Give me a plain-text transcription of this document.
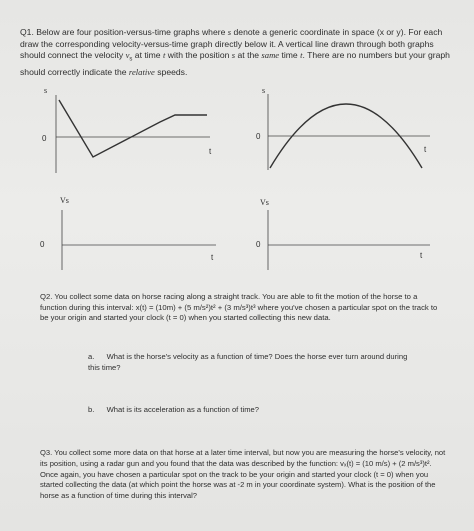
Q1. Below are four position-versus-time graphs where s denote a generic coordinate in space (x or y). For each draw the corresponding velocity-versus-time graph directly below it. A vertical line drawn through both graphs should connect the velocity $v_s$ at time t with the position s at the same time t. There are no numbers but your graph should correctly indicate the relative speeds.
s
0
t
s
0
t
Vs
0
t
Vs
0
t
Q2. You collect some data on horse racing along a straight track. You are able to fit the motion of the horse to a function during this interval: x(t) = (10m) + (5 m/s²)t² + (3 m/s³)t³ where you've chosen a particular spot on the track to be your origin and started your clock (t = 0) when you started collecting this new data.
a. What is the horse's velocity as a function of time? Does the horse ever turn around during this time?
b. What is its acceleration as a function of time?
Q3. You collect some more data on that horse at a later time interval, but now you are measuring the horse's velocity, not its position, using a radar gun and you found that the data was described by the function: vₓ(t) = (10 m/s) + (2 m/s³)t². Once again, you have chosen a particular spot on the track to be your origin and started your clock (t = 0) when you started collecting the data (at which point the horse was at -2 m in your coordinate system). What is the position of the horse as a function of time during this interval?
